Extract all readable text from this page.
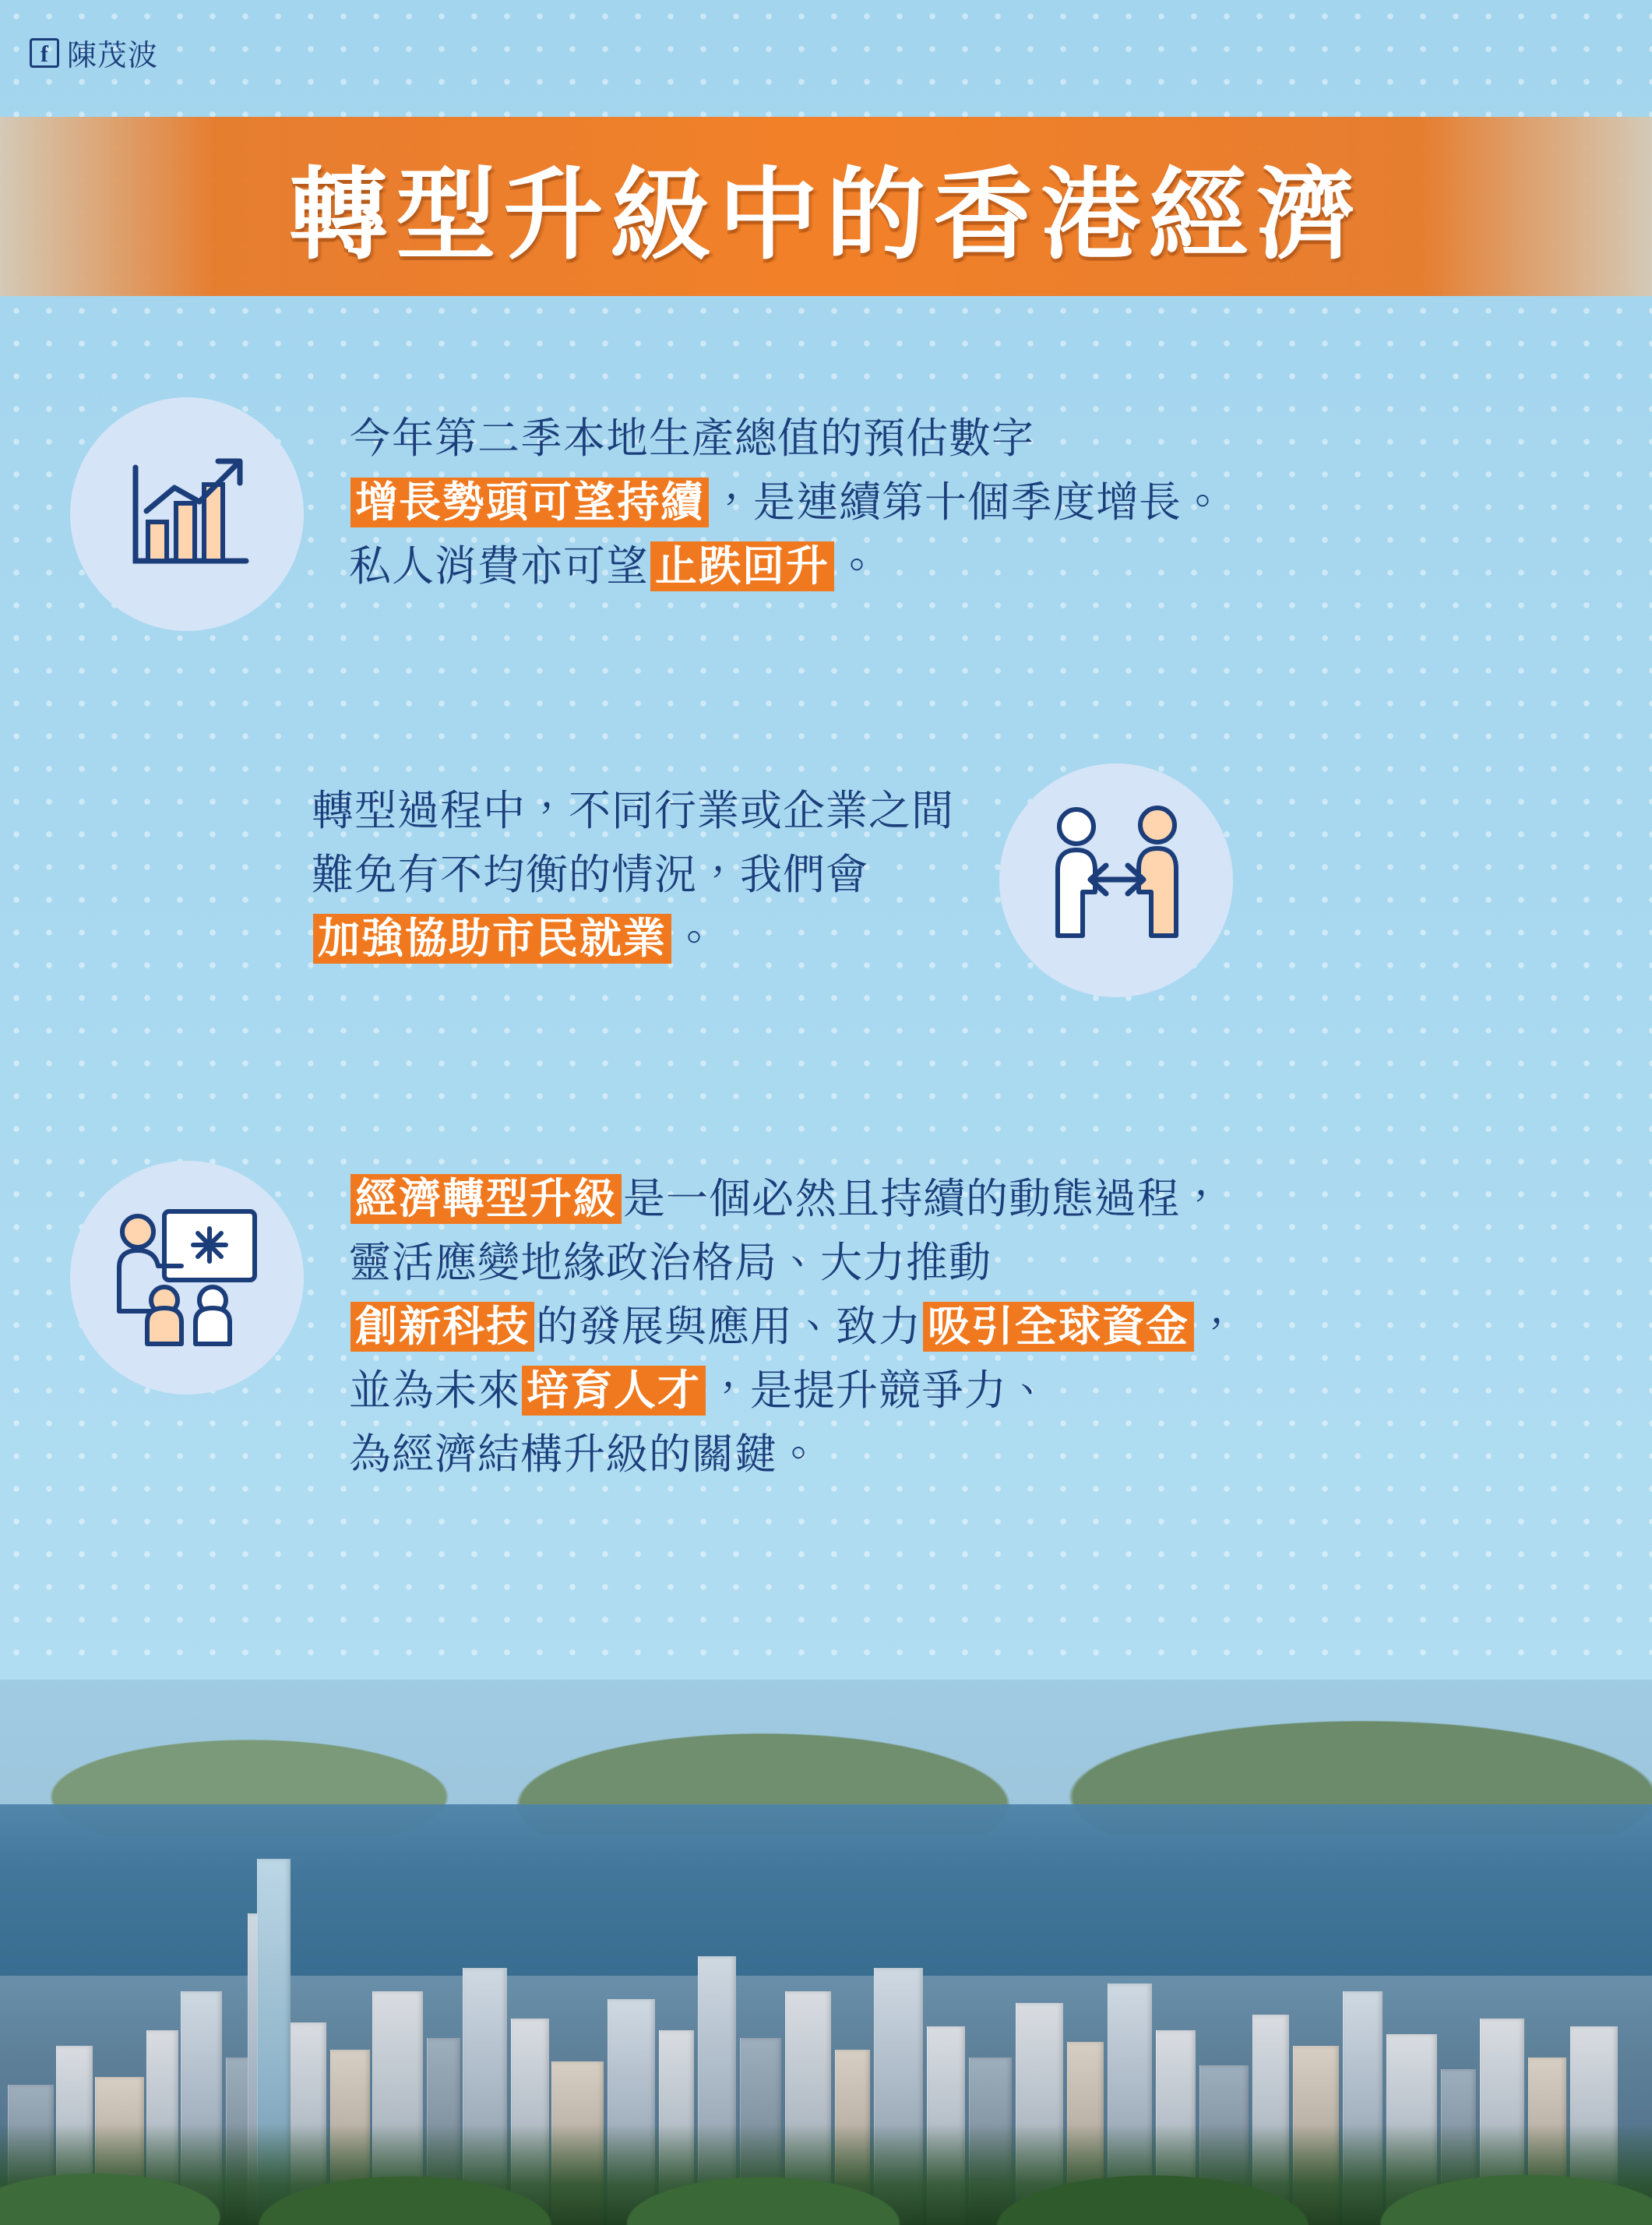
f 陳茂波
轉型升級中的香港經濟
今年第二季本地生產總值的預估數字
增長勢頭可望持續 ，是連續第十個季度增長。
私人消費亦可望 止跌回升 。
轉型過程中，不同行業或企業之間
難免有不均衡的情況，我們會
加強協助市民就業 。
經濟轉型升級 是一個必然且持續的動態過程，
靈活應變地緣政治格局、大力推動
創新科技 的發展與應用、致力 吸引全球資金 ，
並為未來 培育人才 ，是提升競爭力、
為經濟結構升級的關鍵。
